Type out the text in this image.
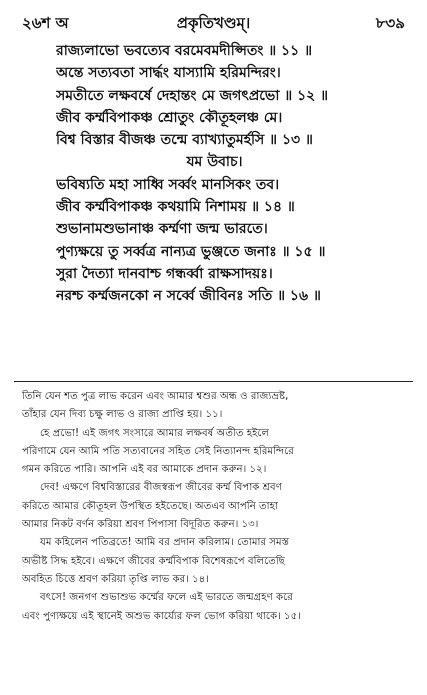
২৬শ অ	প্রকৃতিখণ্ডম্।	৮৩৯
রাজ্যলাভো ভবত্যেব বরমেবমদীপ্সিতং ॥ ১১ ॥
অন্তে সত্যবতা সার্দ্ধং যাস্যামি হরিমন্দিরং।
সমতীতে লক্ষবর্ষে দেহান্তং মে জগৎপ্রভো ॥ ১২ ॥
জীব কর্ম্মবিপাকঞ্চ শ্রোতুং কৌতূহলঞ্চ মে।
বিশ্ব বিস্তার বীজঞ্চ তন্মে ব্যাখ্যাতুমর্হসি ॥ ১৩ ॥
যম উবাচ।
ভবিষ্যতি মহা সাধ্বি সর্ব্বং মানসিকং তব।
জীব কর্ম্মবিপাকঞ্চ কথয়ামি নিশাময় ॥ ১৪ ॥
শুভানামশুভানাঞ্চ কর্ম্মণা জন্ম ভারতে।
পুণ্যক্ষয়ে তু সর্ব্বত্র নান্যত্র ভুঞ্জতে জনাঃ ॥ ১৫ ॥
সুরা দৈত্যা দানবাশ্চ গন্ধর্ব্বা রাক্ষসাদয়ঃ।
নরশ্চ কর্ম্মজনকো ন সর্ব্বে জীবিনঃ সতি ॥ ১৬ ॥
তিনি যেন শত পুত্র লাভ করেন এবং আমার শ্বশুর অন্ধ ও রাজ্যভ্রষ্ট,
তাঁহার যেন দিব্য চক্ষু লাভ ও রাজ্য প্রাপ্তি হয়। ১১।
হে প্রভো! এই জগৎ সংসারে আমার লক্ষবর্ষ অতীত হইলে
পরিণামে যেন আমি পতি সত্যবানের সহিত সেই নিত্যানন্দ হরিমন্দিরে
গমন করিতে পারি। আপনি এই বর আমাকে প্রদান করুন। ১২।
দেব! এক্ষণে বিশ্ববিস্তারের বীজস্বরূপ জীবের কর্ম্ম বিপাক শ্রবণ
করিতে আমার কৌতূহল উপস্থিত হইতেছে। অতএব আপনি তাহা
আমার নিকট বর্ণন করিয়া শ্রবণ পিপাসা বিদূরিত করুন। ১৩।
যম কহিলেন পতিব্রতে! আমি বর প্রদান করিলাম। তোমার সমস্ত
অভীষ্ট সিদ্ধ হইবে। এক্ষণে জীবের কর্ম্মবিপাক বিশেষরূপে বলিতেছি
অবহিত চিত্তে শ্রবণ করিয়া তৃপ্তি লাভ কর। ১৪।
বৎসে! জনগণ শুভাশুভ কর্ম্মের ফলে এই ভারতে জন্মগ্রহণ করে
এবং পুণ্যক্ষয়ে এই স্থানেই অশুভ কার্য্যের ফল ভোগ করিয়া থাকে। ১৫।
